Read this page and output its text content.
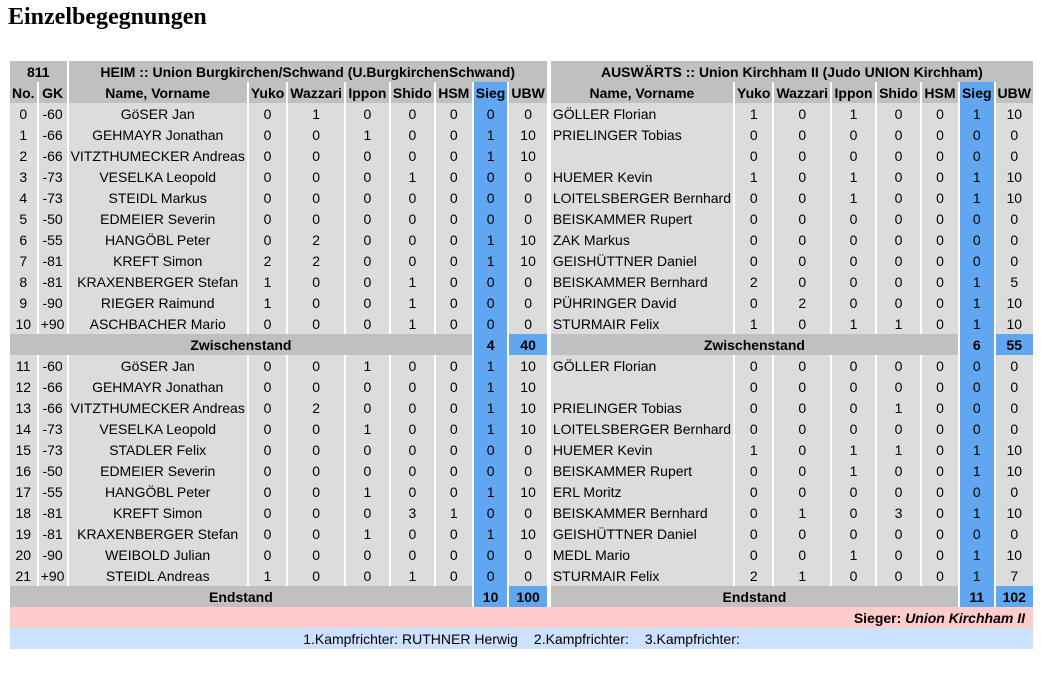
Einzelbegegnungen
811		HEIM :: Union Burgkirchen/Schwand (U.BurgkirchenSchwand)									AUSWÄRTS :: Union Kirchham II (Judo UNION Kirchham)							
No.	GK	Name, Vorname	Yuko	Wazzari	Ippon	Shido	HSM	Sieg	UBW		Name, Vorname	Yuko	Wazzari	Ippon	Shido	HSM	Sieg	UBW
0	-60	GöSER Jan	0	1	0	0	0	0	0		GÖLLER Florian	1	0	1	0	0	1	10
1	-66	GEHMAYR Jonathan	0	0	1	0	0	1	10		PRIELINGER Tobias	0	0	0	0	0	0	0
2	-66	VITZTHUMECKER Andreas	0	0	0	0	0	1	10			0	0	0	0	0	0	0
3	-73	VESELKA Leopold	0	0	0	1	0	0	0		HUEMER Kevin	1	0	1	0	0	1	10
4	-73	STEIDL Markus	0	0	0	0	0	0	0		LOITELSBERGER Bernhard	0	0	1	0	0	1	10
5	-50	EDMEIER Severin	0	0	0	0	0	0	0		BEISKAMMER Rupert	0	0	0	0	0	0	0
6	-55	HANGÖBL Peter	0	2	0	0	0	1	10		ZAK Markus	0	0	0	0	0	0	0
7	-81	KREFT Simon	2	2	0	0	0	1	10		GEISHÜTTNER Daniel	0	0	0	0	0	0	0
8	-81	KRAXENBERGER Stefan	1	0	0	1	0	0	0		BEISKAMMER Bernhard	2	0	0	0	0	1	5
9	-90	RIEGER Raimund	1	0	0	1	0	0	0		PÜHRINGER David	0	2	0	0	0	1	10
10	+90	ASCHBACHER Mario	0	0	0	1	0	0	0		STURMAIR Felix	1	0	1	1	0	1	10
Zwischenstand								4	40		Zwischenstand						6	55
11	-60	GöSER Jan	0	0	1	0	0	1	10		GÖLLER Florian	0	0	0	0	0	0	0
12	-66	GEHMAYR Jonathan	0	0	0	0	0	1	10			0	0	0	0	0	0	0
13	-66	VITZTHUMECKER Andreas	0	2	0	0	0	1	10		PRIELINGER Tobias	0	0	0	1	0	0	0
14	-73	VESELKA Leopold	0	0	1	0	0	1	10		LOITELSBERGER Bernhard	0	0	0	0	0	0	0
15	-73	STADLER Felix	0	0	0	0	0	0	0		HUEMER Kevin	1	0	1	1	0	1	10
16	-50	EDMEIER Severin	0	0	0	0	0	0	0		BEISKAMMER Rupert	0	0	1	0	0	1	10
17	-55	HANGÖBL Peter	0	0	1	0	0	1	10		ERL Moritz	0	0	0	0	0	0	0
18	-81	KREFT Simon	0	0	0	3	1	0	0		BEISKAMMER Bernhard	0	1	0	3	0	1	10
19	-81	KRAXENBERGER Stefan	0	0	1	0	0	1	10		GEISHÜTTNER Daniel	0	0	0	0	0	0	0
20	-90	WEIBOLD Julian	0	0	0	0	0	0	0		MEDL Mario	0	0	1	0	0	1	10
21	+90	STEIDL Andreas	1	0	0	1	0	0	0		STURMAIR Felix	2	1	0	0	0	1	7
Endstand								10	100		Endstand						11	102
Sieger: Union Kirchham II																		
1.Kampfrichter: RUTHNER Herwig 2.Kampfrichter: 3.Kampfrichter:																		
